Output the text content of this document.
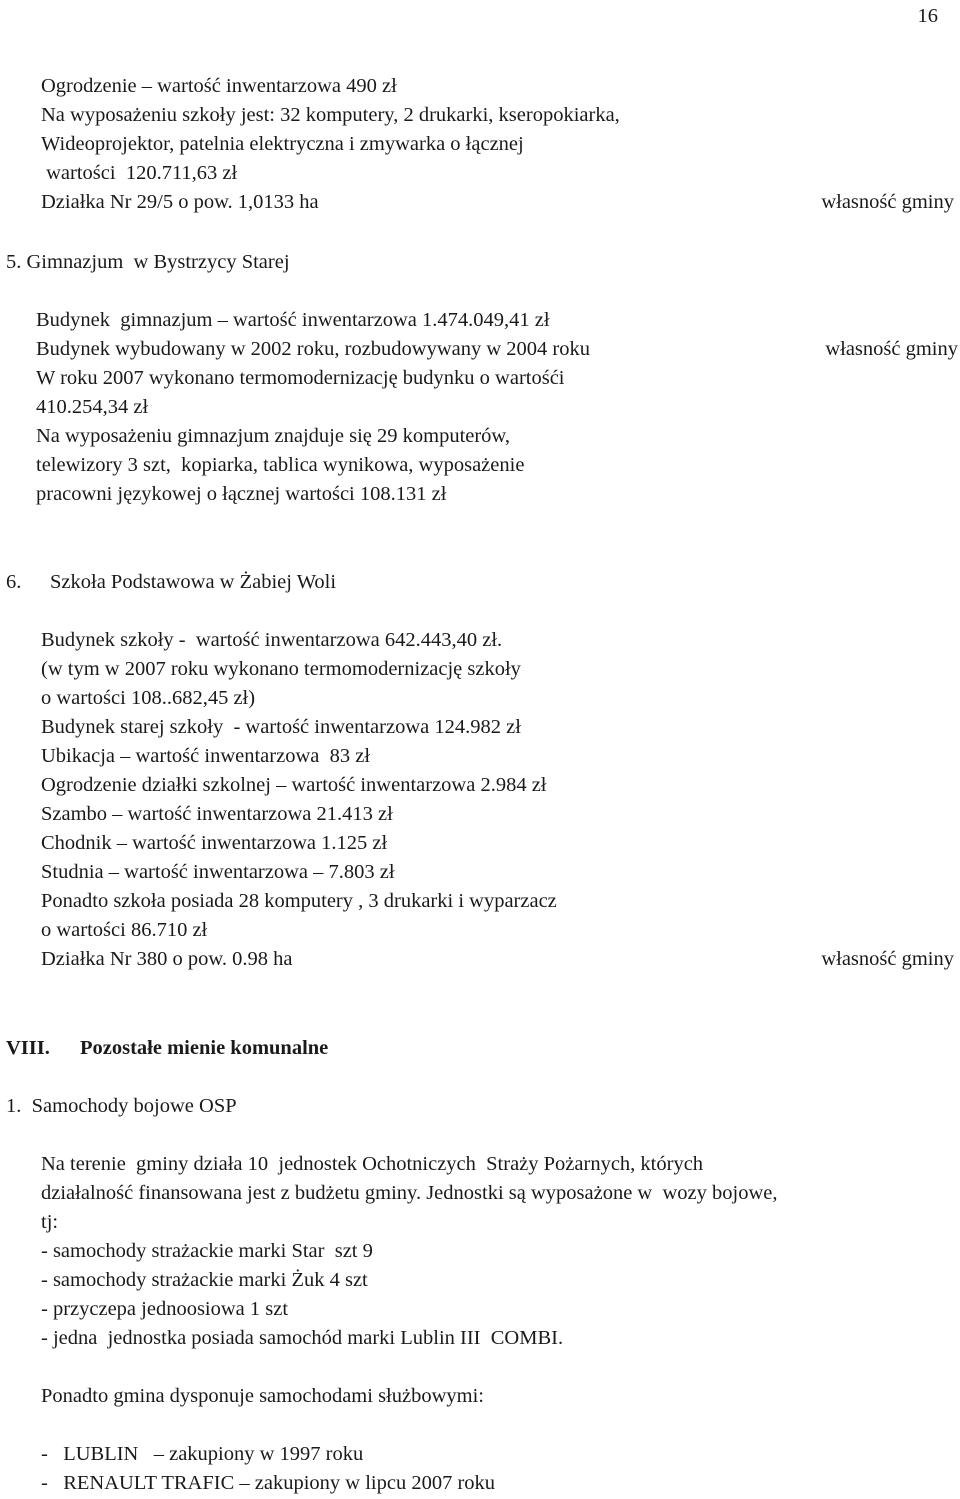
16
Ogrodzenie – wartość inwentarzowa 490 zł
Na wyposażeniu szkoły jest: 32 komputery, 2 drukarki, kseropokiarka,
Wideoprojektor, patelnia elektryczna i zmywarka o łącznej
wartości  120.711,63 zł
Działka Nr 29/5 o pow. 1,0133 ha	własność gminy
5. Gimnazjum  w Bystrzycy Starej
Budynek  gimnazjum – wartość inwentarzowa 1.474.049,41 zł
Budynek wybudowany w 2002 roku, rozbudowywany w 2004 roku	własność gminy
W roku 2007 wykonano termomodernizację budynku o wartośći
410.254,34 zł
Na wyposażeniu gimnazjum znajduje się 29 komputerów,
telewizory 3 szt,  kopiarka, tablica wynikowa, wyposażenie
pracowni językowej o łącznej wartości 108.131 zł
6. Szkoła Podstawowa w Żabiej Woli
Budynek szkoły -  wartość inwentarzowa 642.443,40 zł.
(w tym w 2007 roku wykonano termomodernizację szkoły
o wartości 108..682,45 zł)
Budynek starej szkoły  - wartość inwentarzowa 124.982 zł
Ubikacja – wartość inwentarzowa  83 zł
Ogrodzenie działki szkolnej – wartość inwentarzowa 2.984 zł
Szambo – wartość inwentarzowa 21.413 zł
Chodnik – wartość inwentarzowa 1.125 zł
Studnia – wartość inwentarzowa – 7.803 zł
Ponadto szkoła posiada 28 komputery , 3 drukarki i wyparzacz
o wartości 86.710 zł
Działka Nr 380 o pow. 0.98 ha	własność gminy
VIII. Pozostałe mienie komunalne
1.  Samochody bojowe OSP
Na terenie  gminy działa 10  jednostek Ochotniczych  Straży Pożarnych, których
działalność finansowana jest z budżetu gminy. Jednostki są wyposażone w  wozy bojowe,
tj:
- samochody strażackie marki Star  szt 9
- samochody strażackie marki Żuk 4 szt
- przyczepa jednoosiowa 1 szt
- jedna  jednostka posiada samochód marki Lublin III  COMBI.
Ponadto gmina dysponuje samochodami służbowymi:
-   LUBLIN   – zakupiony w 1997 roku
-   RENAULT TRAFIC – zakupiony w lipcu 2007 roku
